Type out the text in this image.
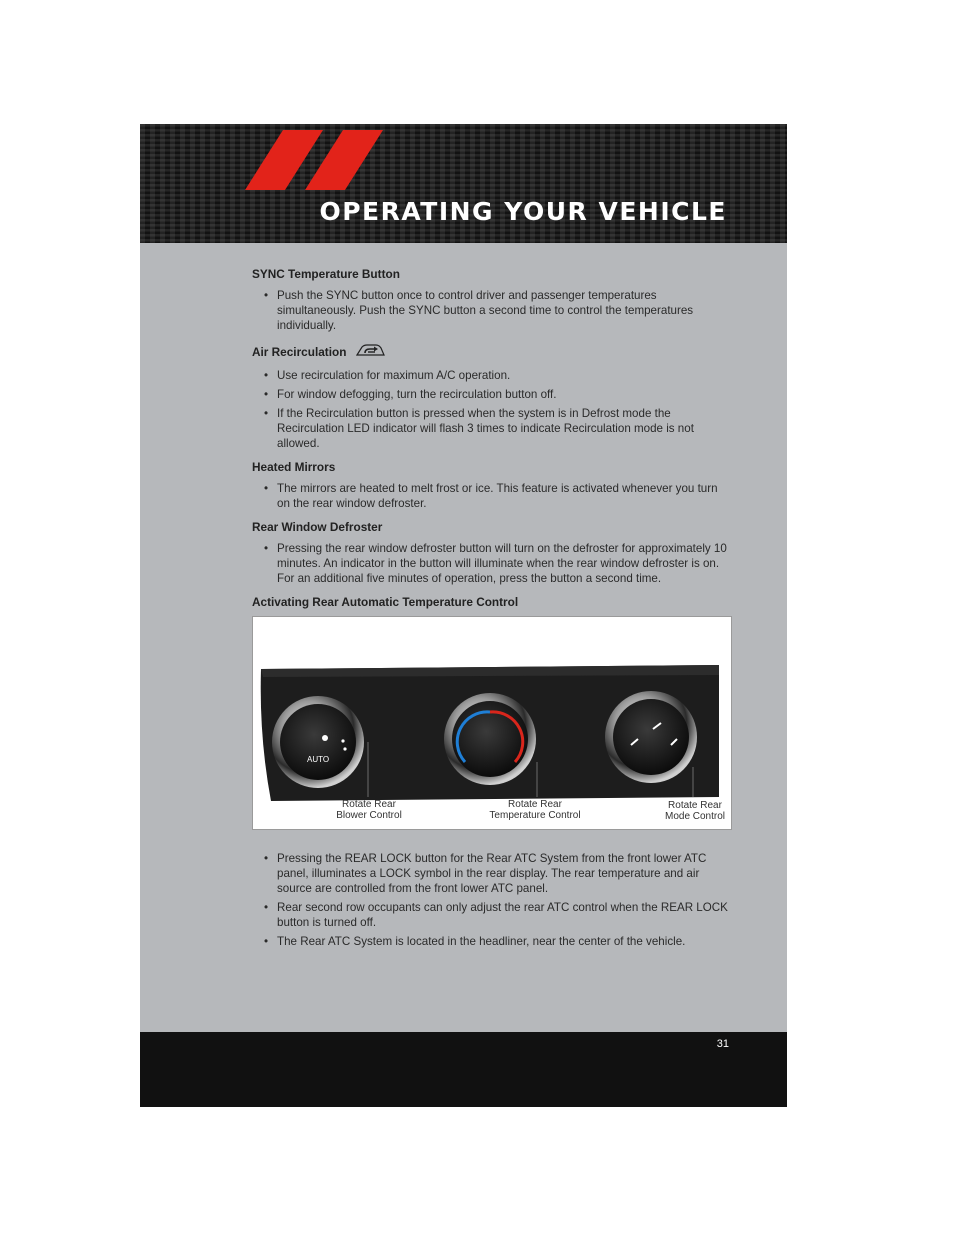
OPERATING YOUR VEHICLE
SYNC Temperature Button
• Push the SYNC button once to control driver and passenger temperatures simultaneously. Push the SYNC button a second time to control the temperatures individually.
Air Recirculation
• Use recirculation for maximum A/C operation.
• For window defogging, turn the recirculation button off.
• If the Recirculation button is pressed when the system is in Defrost mode the Recirculation LED indicator will flash 3 times to indicate Recirculation mode is not allowed.
Heated Mirrors
• The mirrors are heated to melt frost or ice. This feature is activated whenever you turn on the rear window defroster.
Rear Window Defroster
• Pressing the rear window defroster button will turn on the defroster for approximately 10 minutes. An indicator in the button will illuminate when the rear window defroster is on. For an additional five minutes of operation, press the button a second time.
Activating Rear Automatic Temperature Control
AUTO
Rotate Rear
Blower Control
Rotate Rear
Temperature Control
Rotate Rear
Mode Control
• Pressing the REAR LOCK button for the Rear ATC System from the front lower ATC panel, illuminates a LOCK symbol in the rear display. The rear temperature and air source are controlled from the front lower ATC panel.
• Rear second row occupants can only adjust the rear ATC control when the REAR LOCK button is turned off.
• The Rear ATC System is located in the headliner, near the center of the vehicle.
31
